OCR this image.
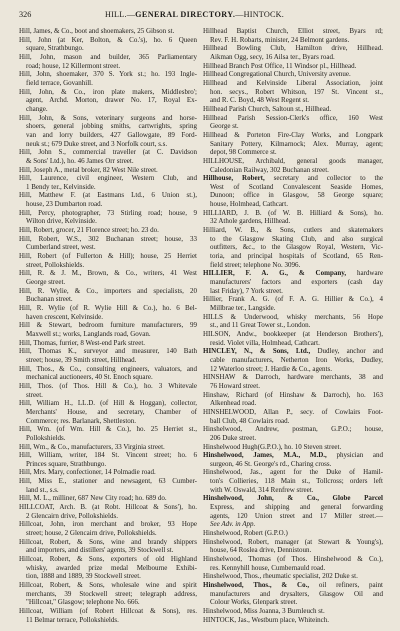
326	HILL.—GENERAL DIRECTORY.—HINTOCK.
Hill, James, & Co., boot and shoemakers, 25 Gibson st.
Hill, John (at Ker, Bolton, & Co.'s), ho. 6 Queen
square, Strathbungo.
Hill, John, mason and builder, 365 Parliamentary
road; house, 12 Killermont street.
Hill, John, shoemaker, 370 S. York st.; ho. 193 Ingle-
field terrace, Govanhill.
Hill, John, & Co., iron plate makers, Middlesbro';
agent, Archd. Morton, drawer No. 17, Royal Ex-
change.
Hill, John, & Sons, veterinary surgeons and horse-
shoers, general jobbing smiths, cartwrights, spring
van and lorry builders, 427 Gallowgate, 89 Ford-
neuk st.; 679 Duke street, and 3 Norfolk court, s.s.
Hill, John S., commercial traveller (at C. Davidson
& Sons' Ltd.), ho. 46 James Orr street.
Hill, Joseph A., metal broker, 82 West Nile street.
Hill, Laurence, civil engineer, Western Club, and
1 Bendy ter., Kelvinside.
Hill, Matthew F. (at Eastmans Ltd., 6 Union st.),
house, 23 Dumbarton road.
Hill, Percy, photographer, 73 Stirling road; house, 9
Wilton drive, Kelvinside.
Hill, Robert, grocer, 21 Florence street; ho. 23 do.
Hill, Robert, W.S., 302 Buchanan street; house, 33
Cumberland street, west.
Hill, Robert (of Fullerton & Hill); house, 25 Herriet
street, Pollokshields.
Hill, R. & J. M., Brown, & Co., writers, 41 West
George street.
Hill, R. Wylie, & Co., importers and specialists, 20
Buchanan street.
Hill, R. Wylie (of R. Wylie Hill & Co.), ho. 6 Bel-
haven crescent, Kelvinside.
Hill & Stewart, bedroom furniture manufacturers, 99
Maxwell st.; works, Langlands road, Govan.
Hill, Thomas, furrier, 8 West-end Park street.
Hill, Thomas K., surveyor and measurer, 140 Bath
street; house, 39 Smith street, Hillhead.
Hill, Thos., & Co., consulting engineers, valuators, and
mechanical auctioneers, 40 St. Enoch square.
Hill, Thos. (of Thos. Hill & Co.), ho. 3 Whitevale
street.
Hill, William H., LL.D. (of Hill & Hoggan), collector,
Merchants' House, and secretary, Chamber of
Commerce; res. Barlanark, Shettleston.
Hill, Wm. (of Wm. Hill & Co.), ho. 25 Herriet st.,
Pollokshields.
Hill, Wm., & Co., manufacturers, 33 Virginia street.
Hill, William, writer, 184 St. Vincent street; ho. 6
Princes square, Strathbungo.
Hill, Mrs. Mary, confectioner, 14 Polmadie road.
Hill, Miss E., stationer and newsagent, 63 Cumber-
land st., s.s.
Hill, M. L., milliner, 687 New City road; ho. 689 do.
HILLCOAT, Arch. B. (at Robt. Hillcoat & Sons'), ho.
2 Glencairn drive, Pollokshields.
Hillcoat, John, iron merchant and broker, 93 Hope
street; house, 2 Glencairn drive, Pollokshields.
Hillcoat, Robert, & Sons, wine and brandy shippers
and importers, and distillers' agents, 39 Stockwell st.
Hillcoat, Robert, & Sons, exporters of old Highland
whisky, awarded prize medal Melbourne Exhibi-
tion, 1888 and 1889, 39 Stockwell street.
Hillcoat, Robert, & Sons, wholesale wine and spirit
merchants, 39 Stockwell street; telegraph address,
"Hillcoat," Glasgow; telephone No. 666.
Hillcoat, William (of Robert Hillcoat & Sons), res.
11 Belmar terrace, Pollokshields.
Hillhead Baptist Church, Elliot street, Byars rd;
Rev. F. H. Robarts, minister, 24 Belmont gardens.
Hillhead Bowling Club, Hamilton drive, Hillhead.
Aikman Ogg, secy, 16 Ailsa ter., Byars road.
Hillhead Branch Post Office, 11 Windsor pl., Hillhead.
Hillhead Congregational Church, University avenue.
Hillhead and Kelvinside Liberal Association, joint
hon. secys., Robert Whitson, 197 St. Vincent st.,
and R. C. Boyd, 48 West Regent st.
Hillhead Parish Church, Saltoun st., Hillhead.
Hillhead Parish Session-Clerk's office, 160 West
George st.
Hillhead & Porteton Fire-Clay Works, and Longpark
Sanitary Pottery, Kilmarnock; Alex. Murray, agent;
depot, 98 Commerce st.
HILLHOUSE, Archibald, general goods manager,
Caledonian Railway, 302 Buchanan street.
Hillhouse, Robert, secretary and collector to the
West of Scotland Convalescent Seaside Homes,
Dunoon; office in Glasgow, 58 George square;
house, Holmhead, Cathcart.
HILLIARD, J. B. (of W. B. Hilliard & Sons), ho.
32 Athole gardens, Hillhead.
Hilliard, W. B., & Sons, cutlers and skatemakers
to the Glasgow Skating Club, and also surgical
outfitters, &c., to the Glasgow Royal, Western, Vic-
toria, and principal hospitals of Scotland, 65 Ren-
field street; telephone No. 3096.
HILLIER, F. A. G., & Company, hardware
manufacturers' factors and exporters (cash day
last Friday), 7 York street.
Hillier, Frank A. G. (of F. A. G. Hillier & Co.), 4
Millbrae ter., Langside.
HILLS & Underwood, whisky merchants, 56 Hope
st., and 11 Great Tower st., London.
HILSON, Andw., bookkeeper (at Henderson Brothers'),
resid. Violet villa, Holmhead, Cathcart.
HINCLEY, N., & Sons, Ltd., Dudley, anchor and
cable manufacturers, Netherton Iron Works, Dudley,
12 Waterloo street; J. Hardie & Co., agents.
HINSHAW & Darroch, hardware merchants, 38 and
76 Howard street.
Hinshaw, Richard (of Hinshaw & Darroch), ho. 163
Alkenhead road.
HINSHELWOOD, Allan P., secy. of Cowlairs Foot-
ball Club, 48 Cowlairs road.
Hinshelwood, Andrew, postman, G.P.O.; house,
206 Duke street.
Hinshelwood Hugh(G.P.O.), ho. 10 Steven street.
Hinshelwood, James, M.A., M.D., physician and
surgeon, 46 St. George's rd., Charing cross.
Hinshelwood, Jas., agent for the Duke of Hamil-
ton's Collieries, 118 Main st., Tollcross; orders left
with W. Oswald, 314 Renfrew street.
Hinshelwood, John, & Co., Globe Parcel
Express, and shipping and general forwarding
agents, 120 Union street and 17 Miller street.—
See Adv. in App.
Hinshelwood, Robert (G.P.O.)
Hinshelwood, Robert, manager (at Stewart & Young's),
house, 64 Roslea drive, Dennistoun.
Hinshelwood, Thomas (of Thos. Hinshelwood & Co.),
res. Kennyhill house, Cumbernauld road.
Hinshelwood, Thos., rheumatic specialist, 202 Duke st.
Hinshelwood, Thos., & Co., oil refiners, paint
manufacturers and drysalters, Glasgow Oil and
Colour Works, Glenpark street.
Hinshelwood, Miss Joanna, 3 Burnleuch st.
HINTOCK, Jas., Westburn place, Whiteinch.
